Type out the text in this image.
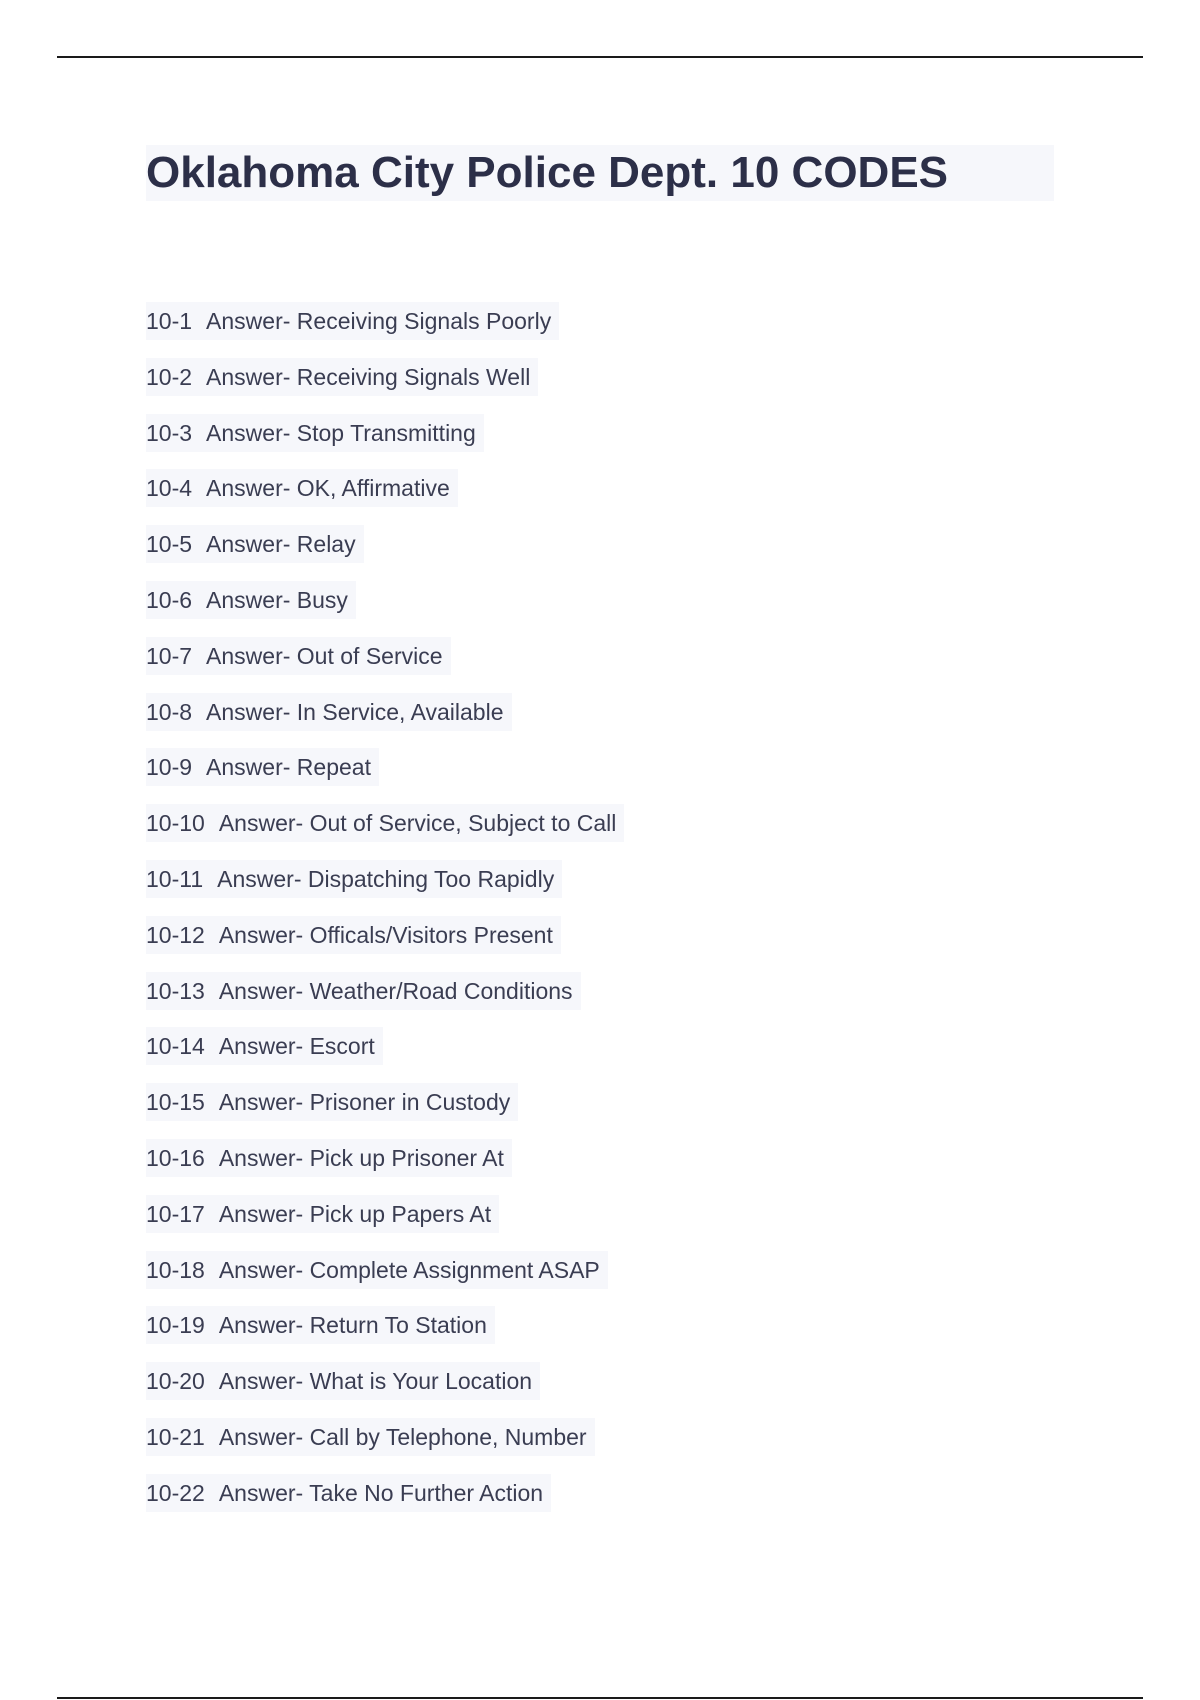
Oklahoma City Police Dept. 10 CODES
10-1 Answer- Receiving Signals Poorly
10-2 Answer- Receiving Signals Well
10-3 Answer- Stop Transmitting
10-4 Answer- OK, Affirmative
10-5 Answer- Relay
10-6 Answer- Busy
10-7 Answer- Out of Service
10-8 Answer- In Service, Available
10-9 Answer- Repeat
10-10 Answer- Out of Service, Subject to Call
10-11 Answer- Dispatching Too Rapidly
10-12 Answer- Officals/Visitors Present
10-13 Answer- Weather/Road Conditions
10-14 Answer- Escort
10-15 Answer- Prisoner in Custody
10-16 Answer- Pick up Prisoner At
10-17 Answer- Pick up Papers At
10-18 Answer- Complete Assignment ASAP
10-19 Answer- Return To Station
10-20 Answer- What is Your Location
10-21 Answer- Call by Telephone, Number
10-22 Answer- Take No Further Action
